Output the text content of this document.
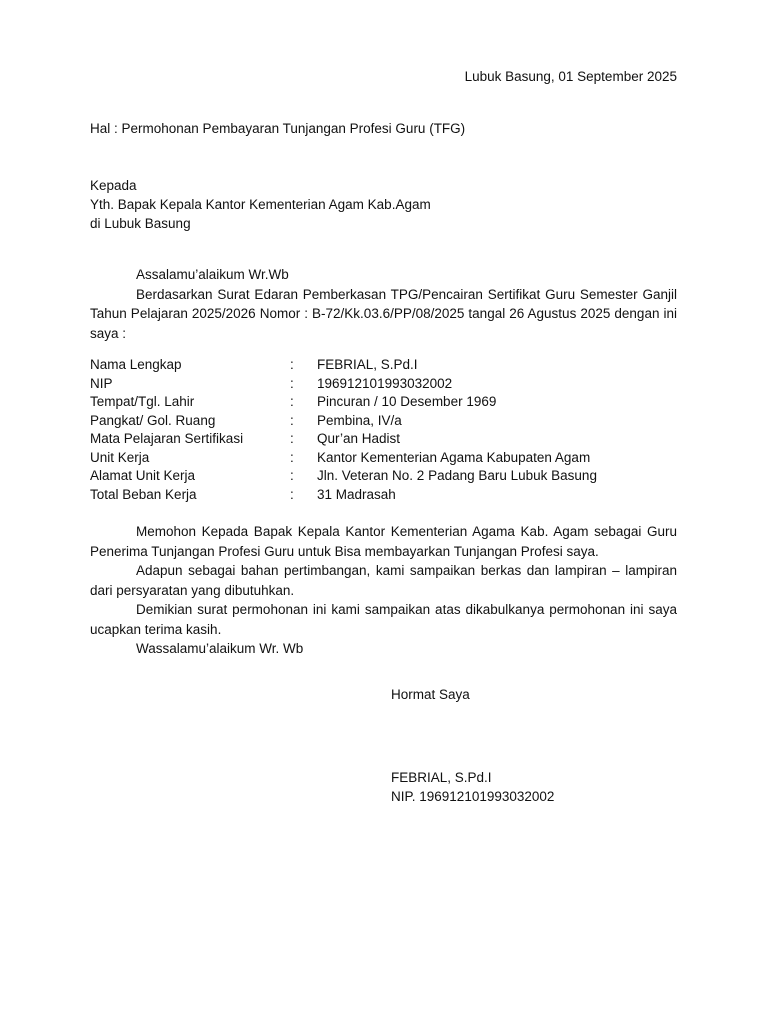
Lubuk Basung, 01 September 2025
Hal : Permohonan Pembayaran Tunjangan Profesi Guru (TFG)
Kepada
Yth. Bapak Kepala Kantor Kementerian Agam Kab.Agam
di Lubuk Basung
Assalamu’alaikum Wr.Wb

Berdasarkan Surat Edaran Pemberkasan TPG/Pencairan Sertifikat Guru Semester Ganjil Tahun Pelajaran 2025/2026 Nomor : B-72/Kk.03.6/PP/08/2025 tangal 26 Agustus 2025 dengan ini saya :

Nama Lengkap	: FEBRIAL, S.Pd.I
NIP	: 196912101993032002
Tempat/Tgl. Lahir	: Pincuran / 10 Desember 1969
Pangkat/ Gol. Ruang	: Pembina, IV/a
Mata Pelajaran Sertifikasi	: Qur’an Hadist
Unit Kerja	: Kantor Kementerian Agama Kabupaten Agam
Alamat Unit Kerja	: Jln. Veteran No. 2 Padang Baru Lubuk Basung
Total Beban Kerja	: 31 Madrasah

Memohon Kepada Bapak Kepala Kantor Kementerian Agama Kab. Agam sebagai Guru Penerima Tunjangan Profesi Guru untuk Bisa membayarkan Tunjangan Profesi saya.

Adapun sebagai bahan pertimbangan, kami sampaikan berkas dan lampiran – lampiran dari persyaratan yang dibutuhkan.

Demikian surat permohonan ini kami sampaikan atas dikabulkanya permohonan ini saya ucapkan terima kasih.

Wassalamu’alaikum Wr. Wb
Hormat Saya
FEBRIAL, S.Pd.I
NIP. 196912101993032002
